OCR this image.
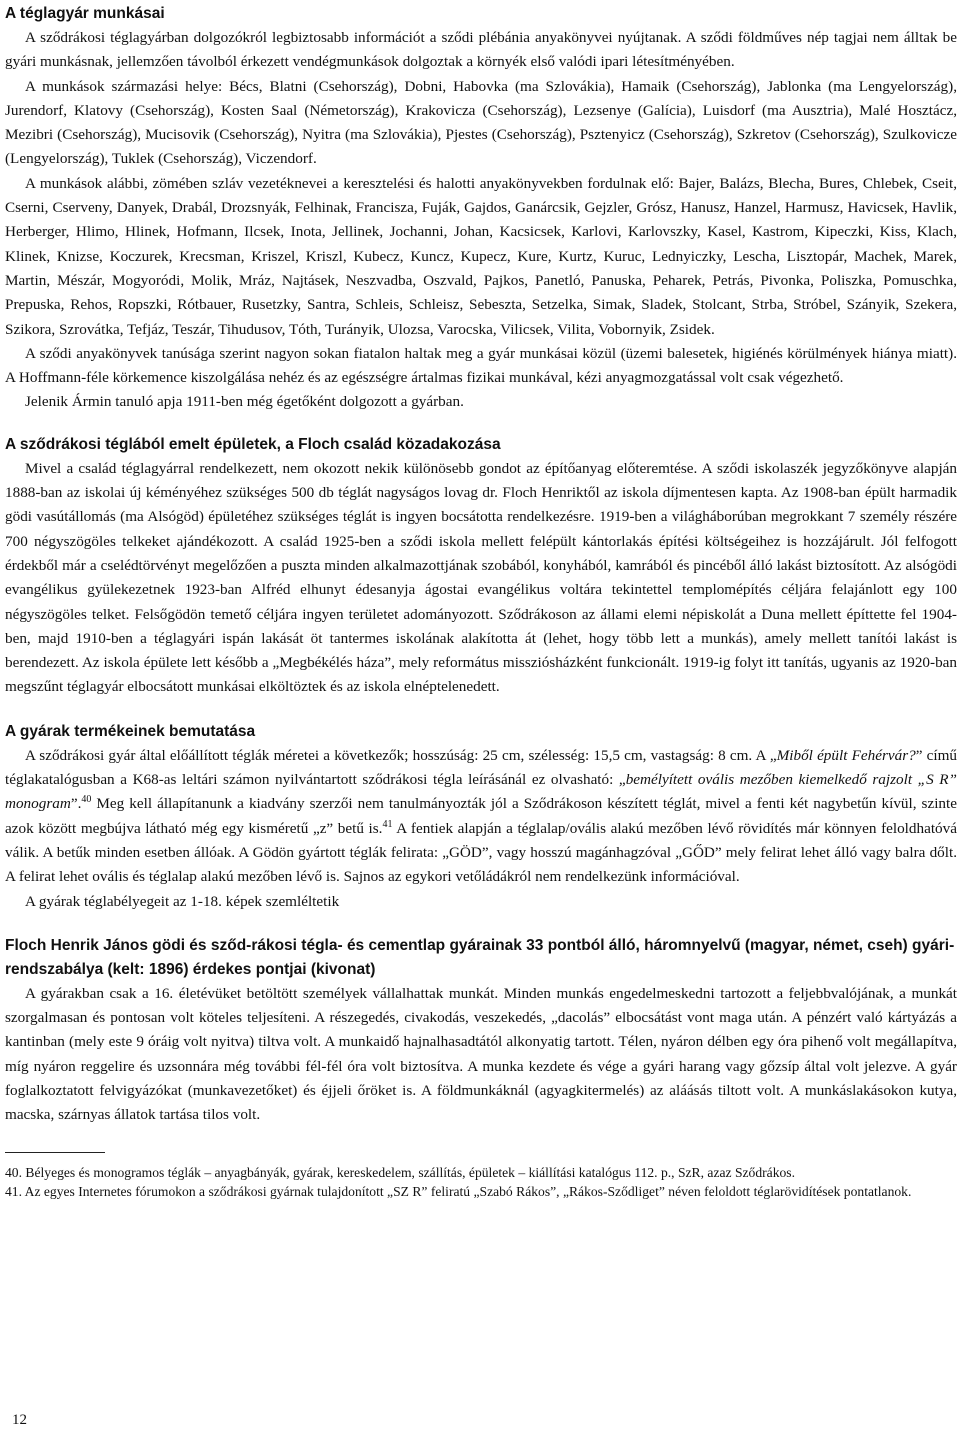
A téglagyár munkásai

A sződrákosi téglagyárban dolgozókról legbiztosabb információt a sződi plébánia anyakönyvei nyújtanak. A sződi földműves nép tagjai nem álltak be gyári munkásnak, jellemzően távolból érkezett vendégmunkások dolgoztak a környék első valódi ipari létesítményében.

A munkások származási helye: Bécs, Blatni (Csehország), Dobni, Habovka (ma Szlovákia), Hamaik (Csehország), Jablonka (ma Lengyelország), Jurendorf, Klatovy (Csehország), Kosten Saal (Németország), Krakovicza (Csehország), Lezsenye (Galícia), Luisdorf (ma Ausztria), Malé Hosztácz, Mezibri (Csehország), Mucisovik (Csehország), Nyitra (ma Szlovákia), Pjestes (Csehország), Psztenyicz (Csehország), Szkretov (Csehország), Szulkovicze (Lengyelország), Tuklek (Csehország), Viczendorf.

A munkások alábbi, zömében szláv vezetéknevei a keresztelési és halotti anyakönyvekben fordulnak elő: Bajer, Balázs, Blecha, Bures, Chlebek, Cseit, Cserni, Cserveny, Danyek, Drabál, Drozsnyák, Felhinak, Francisza, Fuják, Gajdos, Ganárcsik, Gejzler, Grósz, Hanusz, Hanzel, Harmusz, Havicsek, Havlik, Herberger, Hlimo, Hlinek, Hofmann, Ilcsek, Inota, Jellinek, Jochanni, Johan, Kacsicsek, Karlovi, Karlovszky, Kasel, Kastrom, Kipeczki, Kiss, Klach, Klinek, Knizse, Koczurek, Krecsman, Kriszel, Kriszl, Kubecz, Kuncz, Kupecz, Kure, Kurtz, Kuruc, Lednyiczky, Lescha, Lisztopár, Machek, Marek, Martin, Mészár, Mogyoródi, Molik, Mráz, Najtásek, Neszvadba, Oszvald, Pajkos, Panetló, Panuska, Peharek, Petrás, Pivonka, Poliszka, Pomuschka, Prepuska, Rehos, Ropszki, Rótbauer, Rusetzky, Santra, Schleis, Schleisz, Sebeszta, Setzelka, Simak, Sladek, Stolcant, Strba, Stróbel, Szányik, Szekera, Szikora, Szrovátka, Tefjáz, Teszár, Tihudusov, Tóth, Turányik, Ulozsa, Varocska, Vilicsek, Vilita, Vobornyik, Zsidek.

A sződi anyakönyvek tanúsága szerint nagyon sokan fiatalon haltak meg a gyár munkásai közül (üzemi balesetek, higiénés körülmények hiánya miatt). A Hoffmann-féle körkemence kiszolgálása nehéz és az egészségre ártalmas fizikai munkával, kézi anyagmozgatással volt csak végezhető.

Jelenik Ármin tanuló apja 1911-ben még égetőként dolgozott a gyárban.

A sződrákosi téglából emelt épületek, a Floch család közadakozása

Mivel a család téglagyárral rendelkezett, nem okozott nekik különösebb gondot az építőanyag előteremtése. A sződi iskolaszék jegyzőkönyve alapján 1888-ban az iskolai új kéményéhez szükséges 500 db téglát nagyságos lovag dr. Floch Henriktől az iskola díjmentesen kapta. Az 1908-ban épült harmadik gödi vasútállomás (ma Alsógöd) épületéhez szükséges téglát is ingyen bocsátotta rendelkezésre. 1919-ben a világháborúban megrokkant 7 személy részére 700 négyszögöles telkeket ajándékozott. A család 1925-ben a sződi iskola mellett felépült kántorlakás építési költségeihez is hozzájárult. Jól felfogott érdekből már a cselédtörvényt megelőzően a puszta minden alkalmazottjának szobából, konyhából, kamrából és pincéből álló lakást biztosított. Az alsógödi evangélikus gyülekezetnek 1923-ban Alfréd elhunyt édesanyja ágostai evangélikus voltára tekintettel templomépítés céljára felajánlott egy 100 négyszögöles telket. Felsőgödön temető céljára ingyen területet adományozott. Sződrákoson az állami elemi népiskolát a Duna mellett építtette fel 1904-ben, majd 1910-ben a téglagyári ispán lakását öt tantermes iskolának alakította át (lehet, hogy több lett a munkás), amely mellett tanítói lakást is berendezett. Az iskola épülete lett később a „Megbékélés háza”, mely református missziósházként funkcionált. 1919-ig folyt itt tanítás, ugyanis az 1920-ban megszűnt téglagyár elbocsátott munkásai elköltöztek és az iskola elnéptelenedett.

A gyárak termékeinek bemutatása

A sződrákosi gyár által előállított téglák méretei a következők; hosszúság: 25 cm, szélesség: 15,5 cm, vastagság: 8 cm. A „Miből épült Fehérvár?” című téglakatalógusban a K68-as leltári számon nyilvántartott sződrákosi tégla leírásánál ez olvasható: „bemélyített ovális mezőben kiemelkedő rajzolt „S R” monogram”.$^{40}$ Meg kell állapítanunk a kiadvány szerzői nem tanulmányozták jól a Sződrákoson készített téglát, mivel a fenti két nagybetűn kívül, szinte azok között megbújva látható még egy kisméretű „z” betű is.$^{41}$ A fentiek alapján a téglalap/ovális alakú mezőben lévő rövidítés már könnyen feloldhatóvá válik. A betűk minden esetben állóak. A Gödön gyártott téglák felirata: „GÖD”, vagy hosszú magánhagzóval „GŐD” mely felirat lehet álló vagy balra dőlt. A felirat lehet ovális és téglalap alakú mezőben lévő is. Sajnos az egykori vetőládákról nem rendelkezünk információval.

A gyárak téglabélyegeit az 1-18. képek szemléltetik

Floch Henrik János gödi és sződ-rákosi tégla- és cementlap gyárainak 33 pontból álló, háromnyelvű (magyar, német, cseh) gyári-rendszabálya (kelt: 1896) érdekes pontjai (kivonat)

A gyárakban csak a 16. életévüket betöltött személyek vállalhattak munkát. Minden munkás engedelmeskedni tartozott a feljebbvalójának, a munkát szorgalmasan és pontosan volt köteles teljesíteni. A részegedés, civakodás, veszekedés, „dacolás” elbocsátást vont maga után. A pénzért való kártyázás a kantinban (mely este 9 óráig volt nyitva) tiltva volt. A munkaidő hajnalhasadtától alkonyatig tartott. Télen, nyáron délben egy óra pihenő volt megállapítva, míg nyáron reggelire és uzsonnára még további fél-fél óra volt biztosítva. A munka kezdete és vége a gyári harang vagy gőzsíp által volt jelezve. A gyár foglalkoztatott felvigyázókat (munkavezetőket) és éjjeli őröket is. A földmunkáknál (agyagkitermelés) az aláásás tiltott volt. A munkáslakásokon kutya, macska, szárnyas állatok tartása tilos volt.

40. Bélyeges és monogramos téglák – anyagbányák, gyárak, kereskedelem, szállítás, épületek – kiállítási katalógus 112. p., SzR, azaz Sződrákos.

41. Az egyes Internetes fórumokon a sződrákosi gyárnak tulajdonított „SZ R” feliratú „Szabó Rákos”, „Rákos-Sződliget” néven feloldott téglarövidítések pontatlanok.

12
